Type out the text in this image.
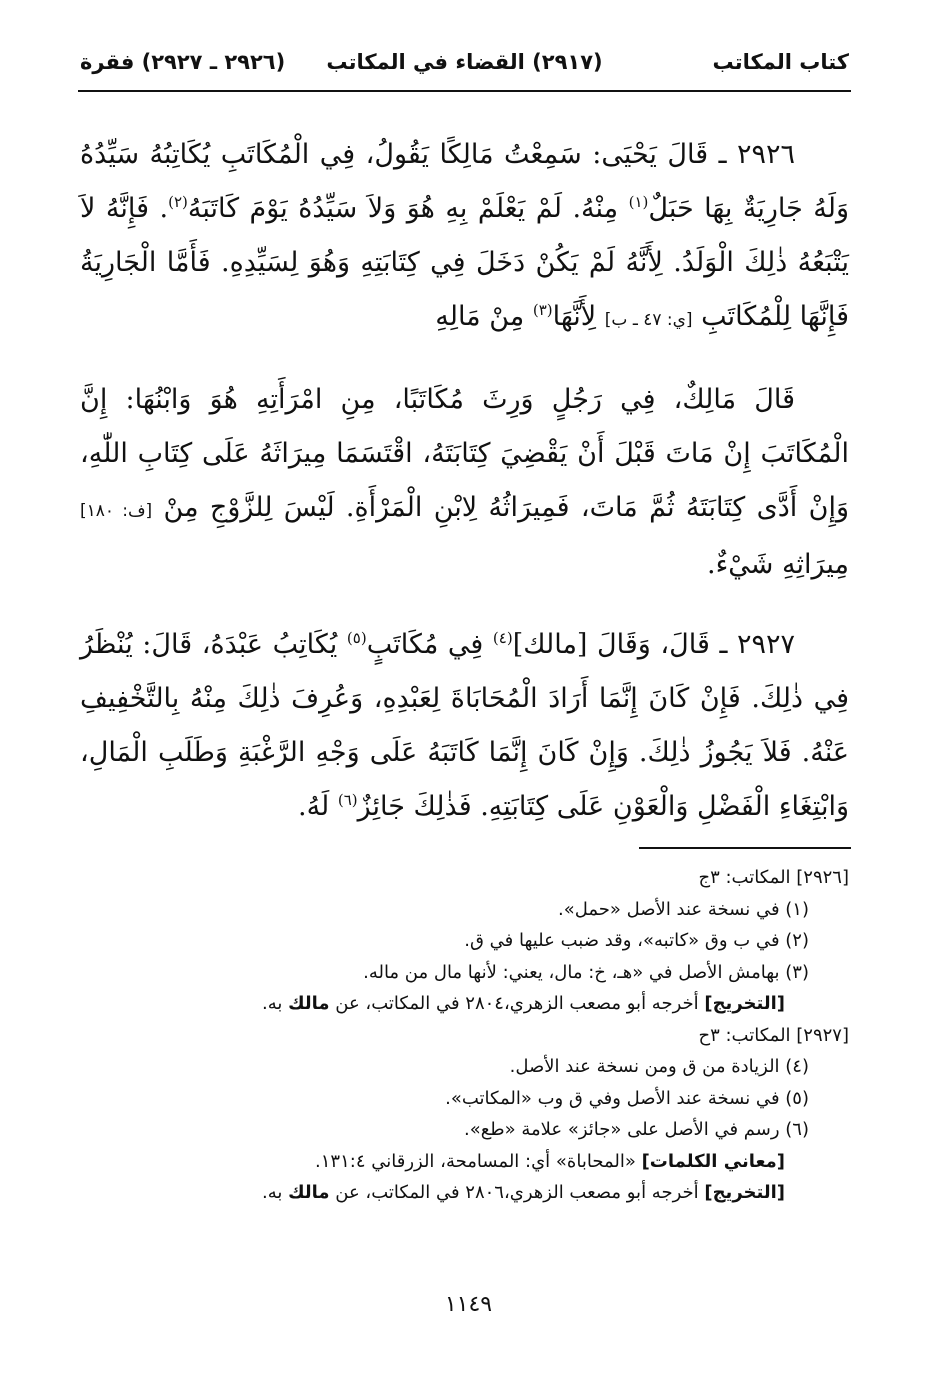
كتاب المكاتب
(٢٩١٧) القضاء في المكاتب
(٢٩٢٦ ـ ٢٩٢٧) فقرة

٢٩٢٦ ـ قَالَ يَحْيَى: سَمِعْتُ مَالِكًا يَقُولُ، فِي الْمُكَاتَبِ يُكَاتِبُهُ سَيِّدُهُ وَلَهُ جَارِيَةٌ بِهَا حَبَلٌ$^{(١)}$ مِنْهُ. لَمْ يَعْلَمْ بِهِ هُوَ وَلاَ سَيِّدُهُ يَوْمَ كَاتَبَهُ$^{(٢)}$. فَإِنَّهُ لاَ يَتْبَعُهُ ذٰلِكَ الْوَلَدُ. لِأَنَّهُ لَمْ يَكُنْ دَخَلَ فِي كِتَابَتِهِ وَهُوَ لِسَيِّدِهِ. فَأَمَّا الْجَارِيَةُ فَإِنَّهَا لِلْمُكَاتَبِ [ي: ٤٧ ـ ب] لِأَنَّهَا$^{(٣)}$ مِنْ مَالِهِ

قَالَ مَالِكٌ، فِي رَجُلٍ وَرِثَ مُكَاتَبًا، مِنِ امْرَأَتِهِ هُوَ وَابْنُهَا: إِنَّ الْمُكَاتَبَ إِنْ مَاتَ قَبْلَ أَنْ يَقْضِيَ كِتَابَتَهُ، اقْتَسَمَا مِيرَاثَهُ عَلَى كِتَابِ اللّٰهِ، وَإِنْ أَدَّى كِتَابَتَهُ ثُمَّ مَاتَ، فَمِيرَاثُهُ لِابْنِ الْمَرْأَةِ. لَيْسَ لِلزَّوْجِ مِنْ [ف: ١٨٠] مِيرَاثِهِ شَيْءٌ.

٢٩٢٧ ـ قَالَ، وَقَالَ [مالك]$^{(٤)}$ فِي مُكَاتَبٍ$^{(٥)}$ يُكَاتِبُ عَبْدَهُ، قَالَ: يُنْظَرُ فِي ذٰلِكَ. فَإِنْ كَانَ إِنَّمَا أَرَادَ الْمُحَابَاةَ لِعَبْدِهِ، وَعُرِفَ ذٰلِكَ مِنْهُ بِالتَّخْفِيفِ عَنْهُ. فَلاَ يَجُوزُ ذٰلِكَ. وَإِنْ كَانَ إِنَّمَا كَاتَبَهُ عَلَى وَجْهِ الرَّغْبَةِ وَطَلَبِ الْمَالِ، وَابْتِغَاءِ الْفَضْلِ وَالْعَوْنِ عَلَى كِتَابَتِهِ. فَذٰلِكَ جَائِزٌ$^{(٦)}$ لَهُ.

[٢٩٢٦] المكاتب: ٣ج
(١) في نسخة عند الأصل «حمل».
(٢) في ب وق «كاتبه»، وقد ضبب عليها في ق.
(٣) بهامش الأصل في «هـ، خ: مال، يعني: لأنها مال من ماله.
[التخريج] أخرجه أبو مصعب الزهري،٢٨٠٤ في المكاتب، عن مالك به.
[٢٩٢٧] المكاتب: ٣ح
(٤) الزيادة من ق ومن نسخة عند الأصل.
(٥) في نسخة عند الأصل وفي ق وب «المكاتب».
(٦) رسم في الأصل على «جائز» علامة «طع».
[معاني الكلمات] «المحاباة» أي: المسامحة، الزرقاني ١٣١:٤.
[التخريج] أخرجه أبو مصعب الزهري،٢٨٠٦ في المكاتب، عن مالك به.
١١٤٩
